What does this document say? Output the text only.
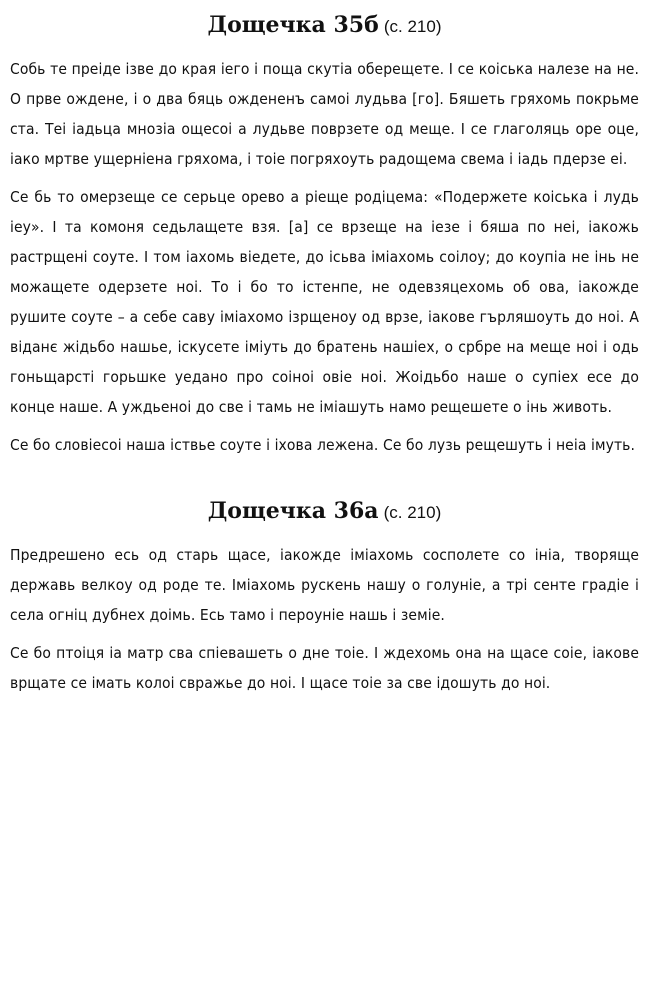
Дощечка 35б (с. 210)

Собь те преіде ізве до края іего і поща скутіа оберещете. І се коіська налезе на не. О прве ождене, і о два бяць ождененъ самоі лудьва [го]. Бяшеть гряхомь покрьме ста. Теі іадьца мнозіа ощесоі а лудьве поврзете од меще. І се глаголяць оре оце, іако мртве ущерніена гряхома, і тоіе погряхоуть радощема свема і іадь пдерзе еі.

Се бь то омерзеще се серьце орево а ріеще родіцема: «Подержете коіська і лудь іеу». І та комоня седьлащете взя. [а] се врзеще на іезе і бяша по неі, іакожь растрщені соуте. І том іахомь віедете, до ісьва іміахомь соілоу; до коупіа не інь не можащете одерзете ноі. То і бо то істенпе, не одевзяцехомь об ова, іакожде рушите соуте – а себе саву іміахомо ізрщеноу од врзе, іакове гърляшоуть до ноі. А віданє жідьбо нашье, іскусете іміуть до братень нашіех, о србре на меще ноі і одь гоньщарсті горьшке уедано про соіноі овіе ноі. Жоідьбо наше о супіех есе до конце наше. А уждьеноі до све і тамь не іміашуть намо рещешете о інь животь.

Се бо словіесоі наша іствье соуте і іхова лежена. Се бо лузь рещешуть і неіа імуть.

Дощечка 36а (с. 210)

Предрешено есь од старь щасе, іакожде іміахомь сосполете со ініа, творяще державь велкоу од роде те. Іміахомь рускень нашу о голуніе, а трі сенте градіе і села огніц дубнех доімь. Есь тамо і пероуніе нашь і земіе.

Се бо птоіця іа матр сва спіевашеть о дне тоіе. І ждехомь она на щасе соіе, іакове врщате се імать колоі свражье до ноі. І щасе тоіе за све ідошуть до ноі.
